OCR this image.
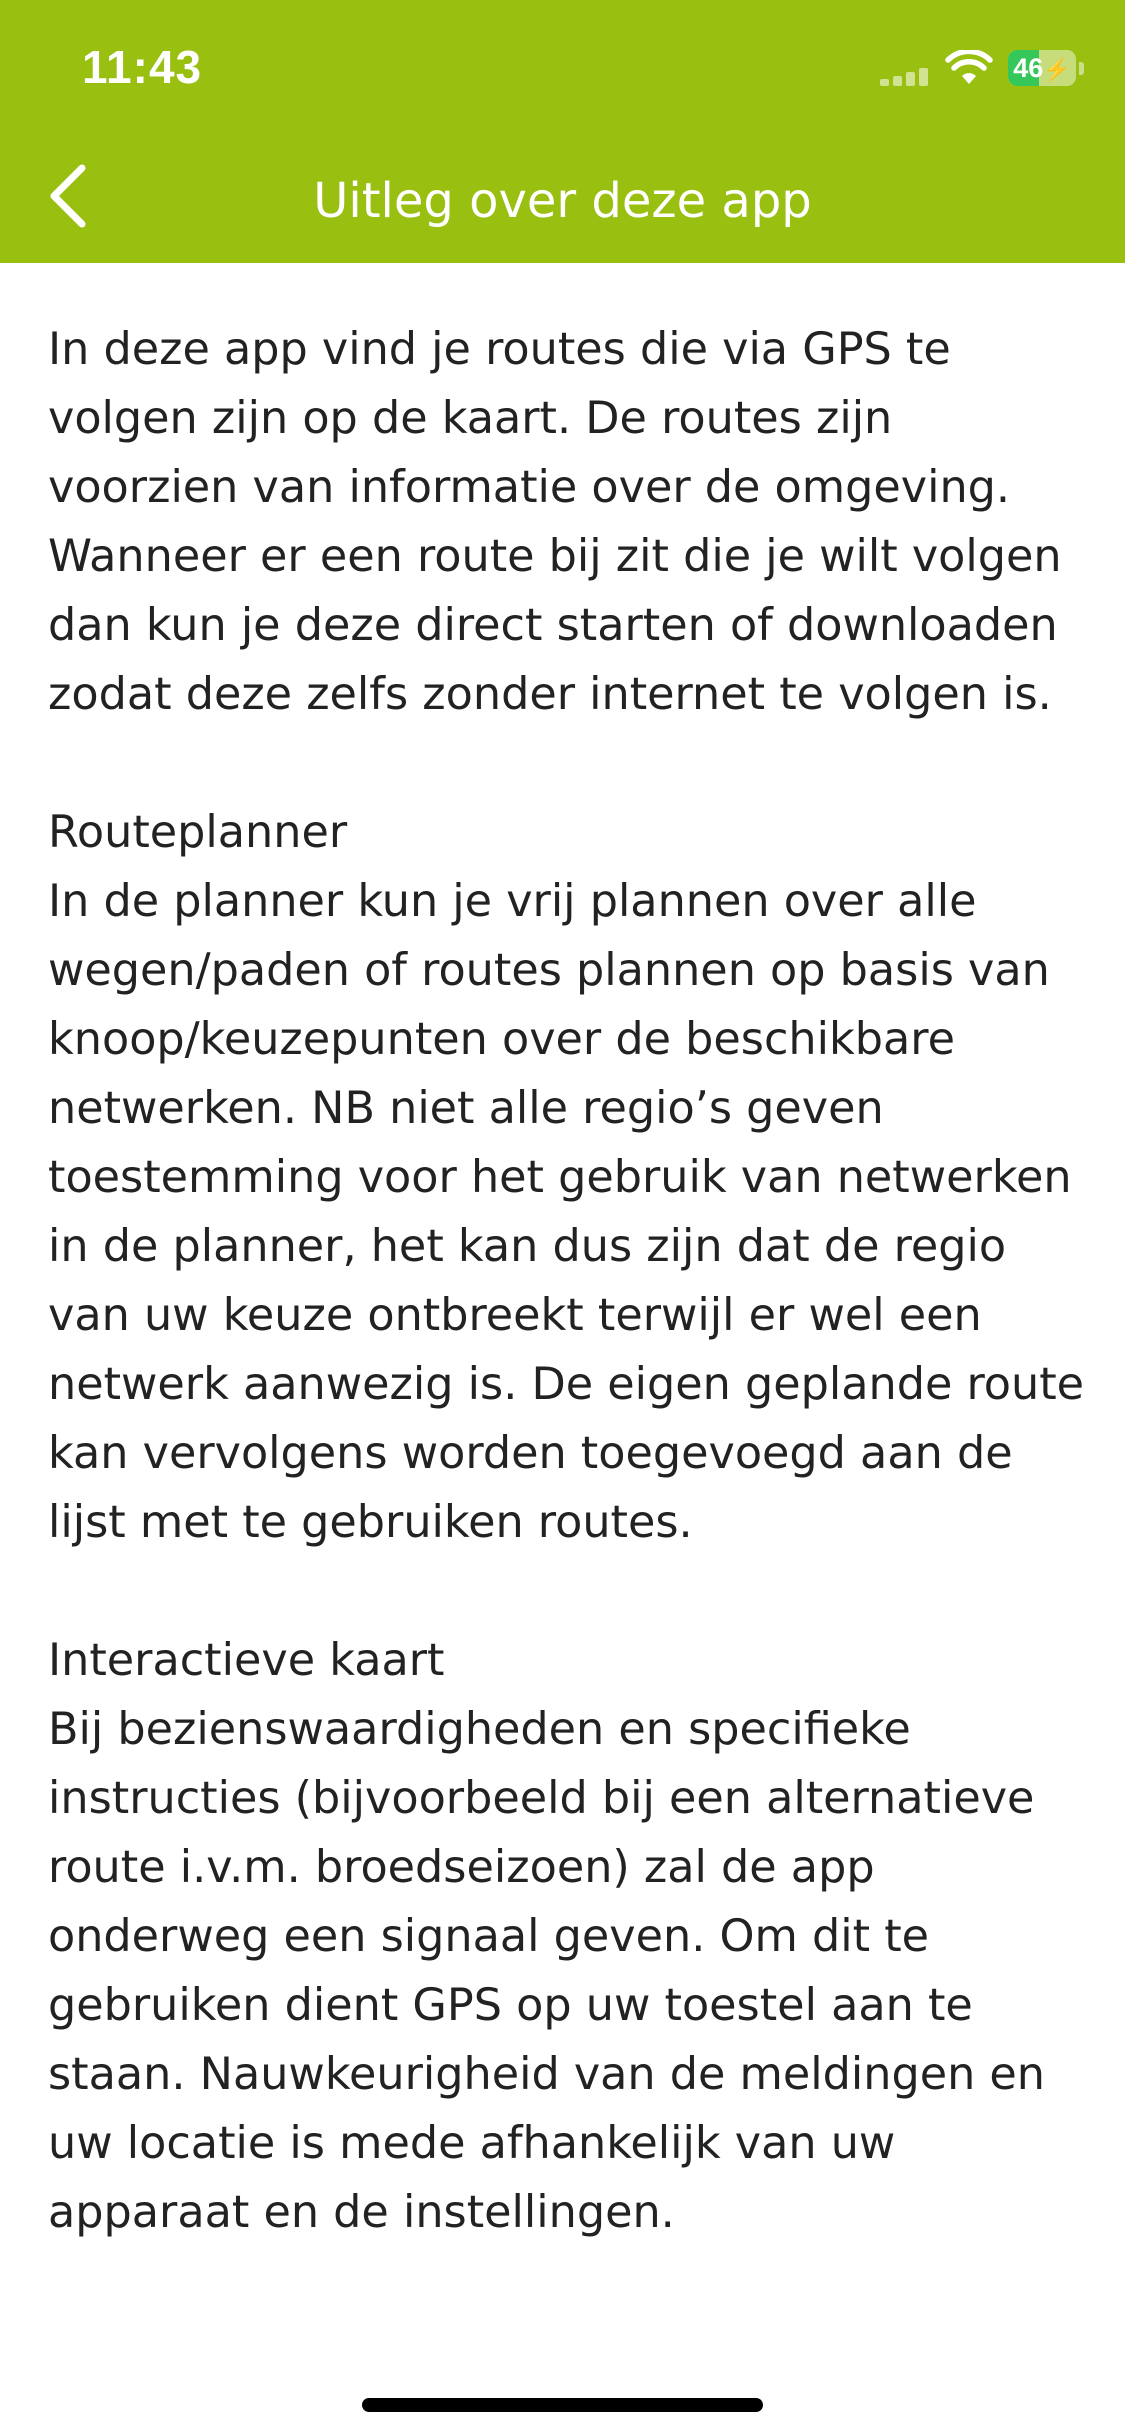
11:43	46⚡
Uitleg over deze app

In deze app vind je routes die via GPS te
volgen zijn op de kaart. De routes zijn
voorzien van informatie over de omgeving.
Wanneer er een route bij zit die je wilt volgen
dan kun je deze direct starten of downloaden
zodat deze zelfs zonder internet te volgen is.

Routeplanner

In de planner kun je vrij plannen over alle
wegen/paden of routes plannen op basis van
knoop/keuzepunten over de beschikbare
netwerken. NB niet alle regio’s geven
toestemming voor het gebruik van netwerken
in de planner, het kan dus zijn dat de regio
van uw keuze ontbreekt terwijl er wel een
netwerk aanwezig is. De eigen geplande route
kan vervolgens worden toegevoegd aan de
lijst met te gebruiken routes.

Interactieve kaart

Bij bezienswaardigheden en specifieke
instructies (bijvoorbeeld bij een alternatieve
route i.v.m. broedseizoen) zal de app
onderweg een signaal geven. Om dit te
gebruiken dient GPS op uw toestel aan te
staan. Nauwkeurigheid van de meldingen en
uw locatie is mede afhankelijk van uw
apparaat en de instellingen.
